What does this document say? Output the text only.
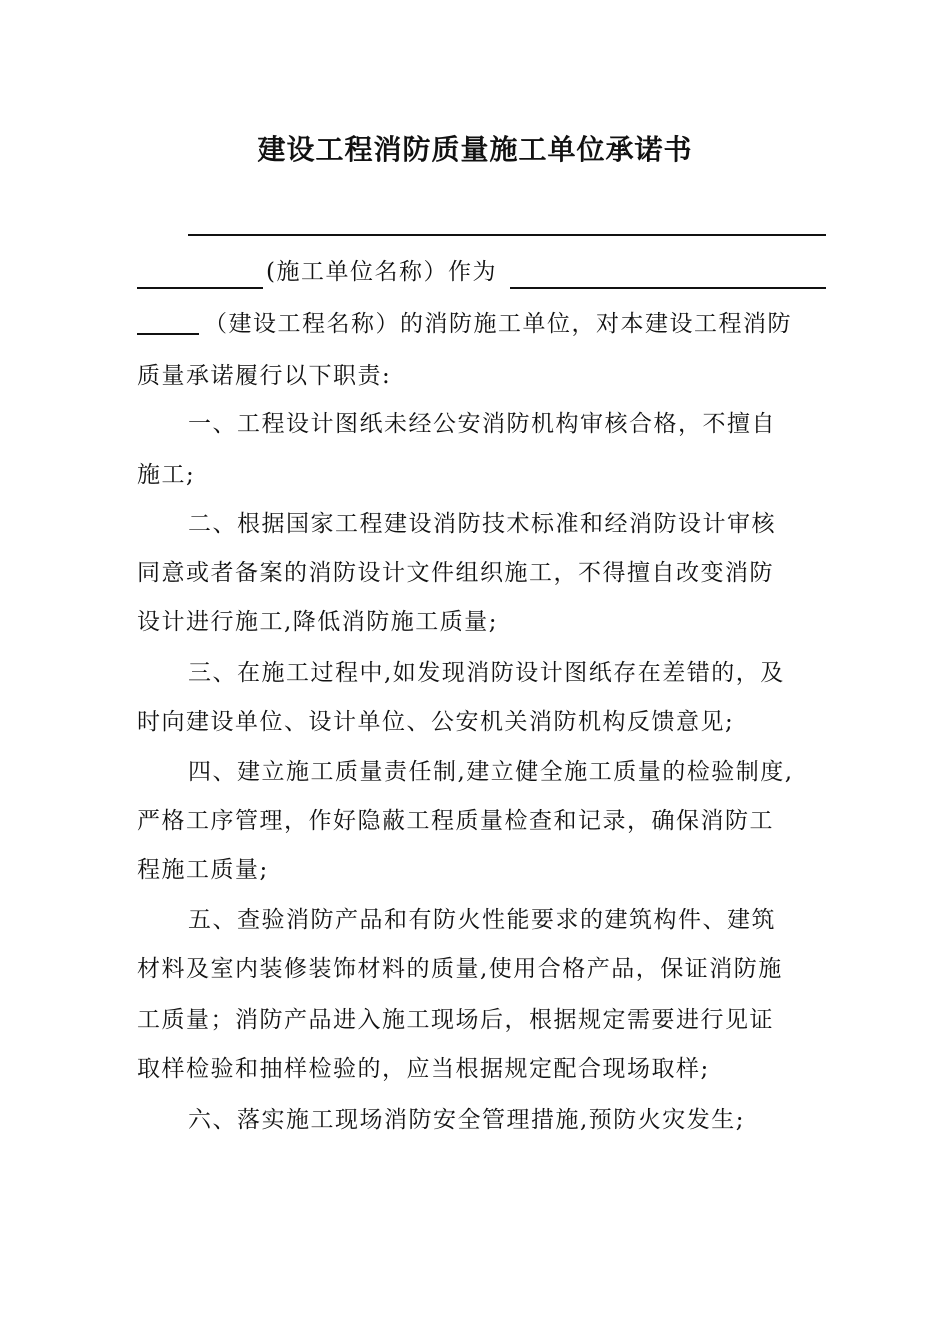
建设工程消防质量施工单位承诺书
(施工单位名称）作为
（建设工程名称）的消防施工单位，对本建设工程消防
质量承诺履行以下职责:
一、工程设计图纸未经公安消防机构审核合格，不擅自
施工;
二、根据国家工程建设消防技术标准和经消防设计审核
同意或者备案的消防设计文件组织施工，不得擅自改变消防
设计进行施工,降低消防施工质量;
三、在施工过程中,如发现消防设计图纸存在差错的，及
时向建设单位、设计单位、公安机关消防机构反馈意见;
四、建立施工质量责任制,建立健全施工质量的检验制度,
严格工序管理，作好隐蔽工程质量检查和记录，确保消防工
程施工质量;
五、查验消防产品和有防火性能要求的建筑构件、建筑
材料及室内装修装饰材料的质量,使用合格产品，保证消防施
工质量；消防产品进入施工现场后，根据规定需要进行见证
取样检验和抽样检验的，应当根据规定配合现场取样;
六、落实施工现场消防安全管理措施,预防火灾发生;
